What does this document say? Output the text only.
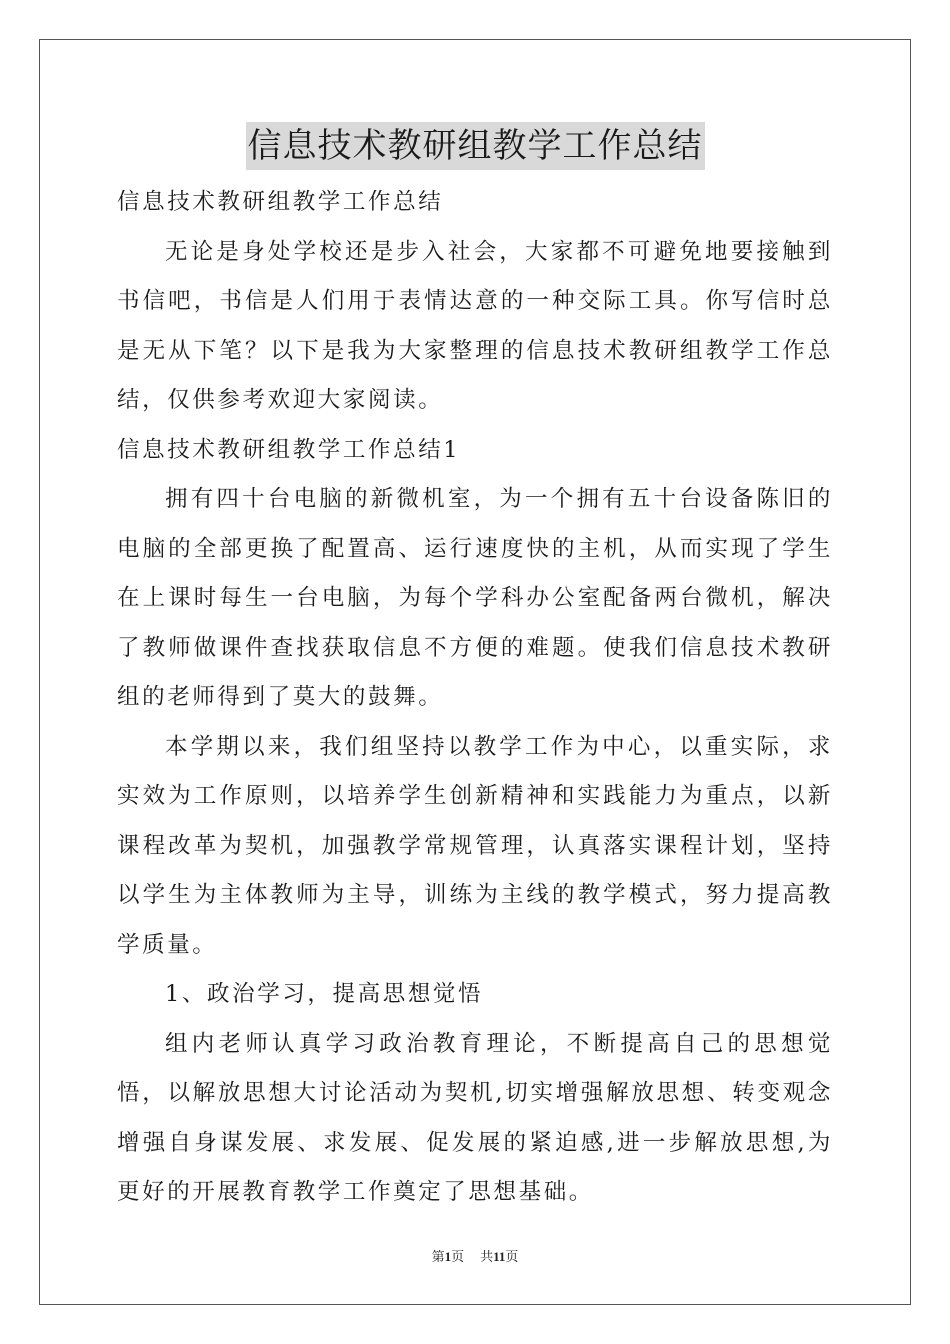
信息技术教研组教学工作总结

信息技术教研组教学工作总结

无论是身处学校还是步入社会，大家都不可避免地要接触到书信吧，书信是人们用于表情达意的一种交际工具。你写信时总是无从下笔？以下是我为大家整理的信息技术教研组教学工作总结，仅供参考欢迎大家阅读。

信息技术教研组教学工作总结1

拥有四十台电脑的新微机室，为一个拥有五十台设备陈旧的电脑的全部更换了配置高、运行速度快的主机，从而实现了学生在上课时每生一台电脑，为每个学科办公室配备两台微机，解决了教师做课件查找获取信息不方便的难题。使我们信息技术教研组的老师得到了莫大的鼓舞。

本学期以来，我们组坚持以教学工作为中心，以重实际，求实效为工作原则，以培养学生创新精神和实践能力为重点，以新课程改革为契机，加强教学常规管理，认真落实课程计划，坚持以学生为主体教师为主导，训练为主线的教学模式，努力提高教学质量。

1、政治学习，提高思想觉悟

组内老师认真学习政治教育理论，不断提高自己的思想觉悟，以解放思想大讨论活动为契机,切实增强解放思想、转变观念增强自身谋发展、求发展、促发展的紧迫感,进一步解放思想,为更好的开展教育教学工作奠定了思想基础。

第1页 共11页
